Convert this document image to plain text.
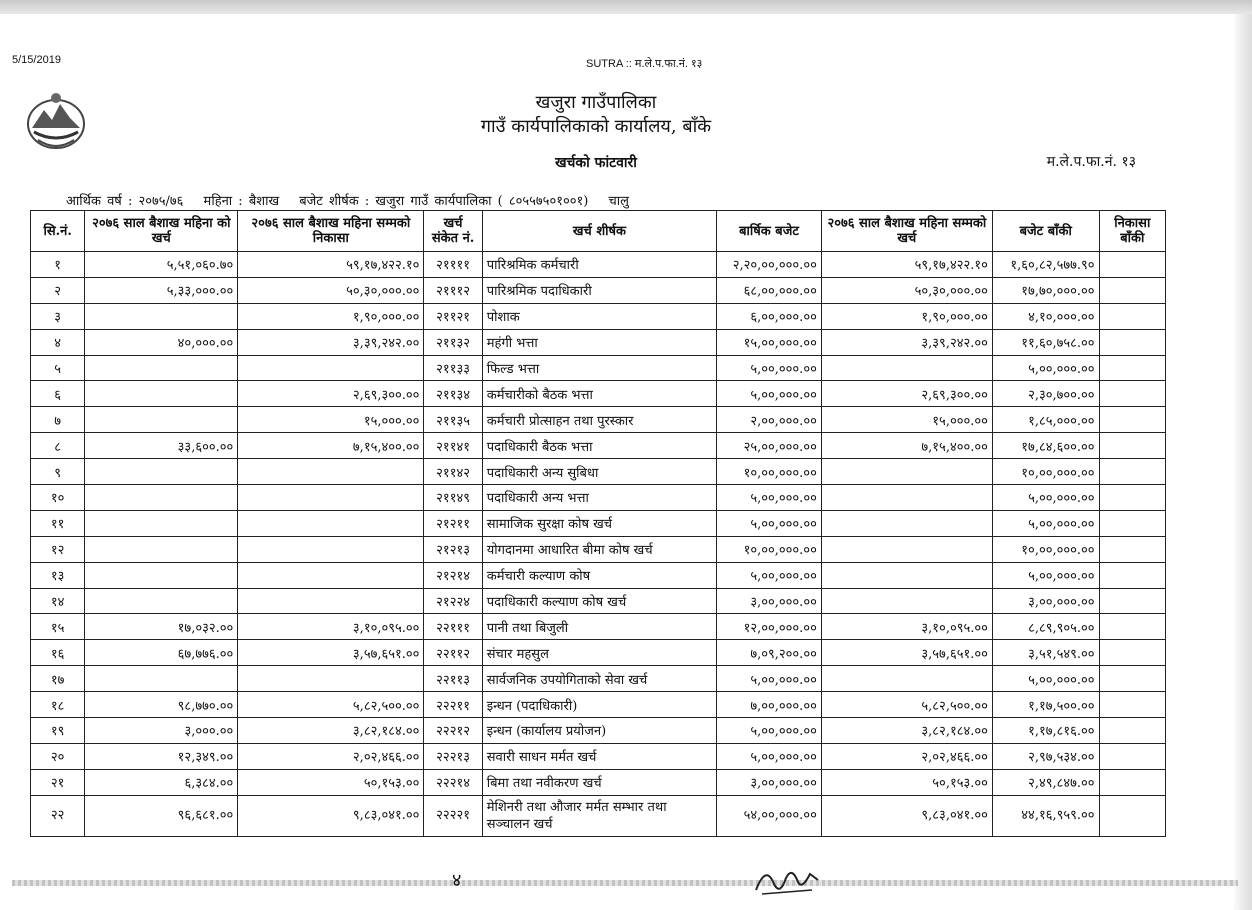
5/15/2019	SUTRA :: म.ले.प.फा.नं. १३
खजुरा गाउँपालिका
गाउँ कार्यपालिकाको कार्यालय, बाँके
खर्चको फांटवारी	म.ले.प.फा.नं. १३
आर्थिक वर्ष : २०७५/७६ महिना : बैशाख बजेट शीर्षक : खजुरा गाउँ कार्यपालिका ( ८०५५७५०१००१) चालु
सि.नं.	२०७६ साल बैशाख महिना को खर्च	२०७६ साल बैशाख महिना सम्मको निकासा	खर्च संकेत नं.	खर्च शीर्षक	बार्षिक बजेट	२०७६ साल बैशाख महिना सम्मको खर्च	बजेट बाँकी	निकासा बाँकी
१	५,५१,०६०.७०	५९,१७,४२२.१०	२११११	पारिश्रमिक कर्मचारी	२,२०,००,०००.००	५९,१७,४२२.१०	१,६०,८२,५७७.९०	
२	५,३३,०००.००	५०,३०,०००.००	२१११२	पारिश्रमिक पदाधिकारी	६८,००,०००.००	५०,३०,०००.००	१७,७०,०००.००	
३		१,९०,०००.००	२११२१	पोशाक	६,००,०००.००	१,९०,०००.००	४,१०,०००.००	
४	४०,०००.००	३,३९,२४२.००	२११३२	महंगी भत्ता	१५,००,०००.००	३,३९,२४२.००	११,६०,७५८.००	
५			२११३३	फिल्ड भत्ता	५,००,०००.००		५,००,०००.००	
६		२,६९,३००.००	२११३४	कर्मचारीको बैठक भत्ता	५,००,०००.००	२,६९,३००.००	२,३०,७००.००	
७		१५,०००.००	२११३५	कर्मचारी प्रोत्साहन तथा पुरस्कार	२,००,०००.००	१५,०००.००	१,८५,०००.००	
८	३३,६००.००	७,१५,४००.००	२११४१	पदाधिकारी बैठक भत्ता	२५,००,०००.००	७,१५,४००.००	१७,८४,६००.००	
९			२११४२	पदाधिकारी अन्य सुबिधा	१०,००,०००.००		१०,००,०००.००	
१०			२११४९	पदाधिकारी अन्य भत्ता	५,००,०००.००		५,००,०००.००	
११			२१२११	सामाजिक सुरक्षा कोष खर्च	५,००,०००.००		५,००,०००.००	
१२			२१२१३	योगदानमा आधारित बीमा कोष खर्च	१०,००,०००.००		१०,००,०००.००	
१३			२१२१४	कर्मचारी कल्याण कोष	५,००,०००.००		५,००,०००.००	
१४			२१२२४	पदाधिकारी कल्याण कोष खर्च	३,००,०००.००		३,००,०००.००	
१५	१७,०३२.००	३,१०,०९५.००	२२१११	पानी तथा बिजुली	१२,००,०००.००	३,१०,०९५.००	८,८९,९०५.००	
१६	६७,७७६.००	३,५७,६५१.००	२२११२	संचार महसुल	७,०९,२००.००	३,५७,६५१.००	३,५१,५४९.००	
१७			२२११३	सार्वजनिक उपयोगिताको सेवा खर्च	५,००,०००.००		५,००,०००.००	
१८	९८,७७०.००	५,८२,५००.००	२२२११	इन्धन (पदाधिकारी)	७,००,०००.००	५,८२,५००.००	१,१७,५००.००	
१९	३,०००.००	३,८२,१८४.००	२२२१२	इन्धन (कार्यालय प्रयोजन)	५,००,०००.००	३,८२,१८४.००	१,१७,८१६.००	
२०	१२,३४९.००	२,०२,४६६.००	२२२१३	सवारी साधन मर्मत खर्च	५,००,०००.००	२,०२,४६६.००	२,९७,५३४.००	
२१	६,३८४.००	५०,१५३.००	२२२१४	बिमा तथा नवीकरण खर्च	३,००,०००.००	५०,१५३.००	२,४९,८४७.००	
२२	९६,६८१.००	९,८३,०४१.००	२२२२१	मेशिनरी तथा औजार मर्मत सम्भार तथा सञ्चालन खर्च	५४,००,०००.००	९,८३,०४१.००	४४,१६,९५९.००	
४
